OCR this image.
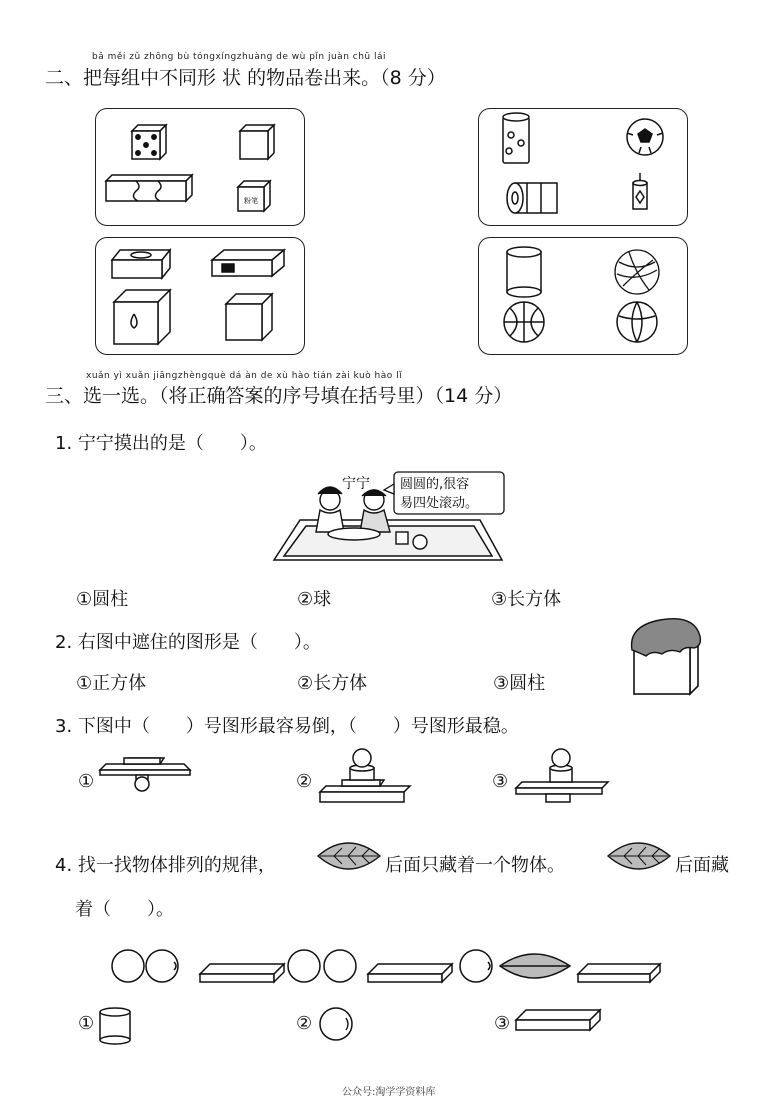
bǎ měi zǔ zhōng bù tóngxíngzhuàng de wù pǐn juàn chū lái
二、把每组中不同形 状 的物品卷出来。（8 分）
粉笔
xuǎn yì xuǎn jiāngzhèngquè dá àn de xù hào tián zài kuò hào lǐ
三、选一选。（将正确答案的序号填在括号里）（14 分）
1. 宁宁摸出的是（　　）。
宁宁 圆圆的,很容
易四处滚动。
①圆柱	②球	③长方体
2. 右图中遮住的图形是（　　）。
①正方体	②长方体	③圆柱
3. 下图中（　　）号图形最容易倒，（　　）号图形最稳。
①	②	③
4. 找一找物体排列的规律，	后面只藏着一个物体。	后面藏
着（　　）。
①	②	③
公众号:淘学学资料库
